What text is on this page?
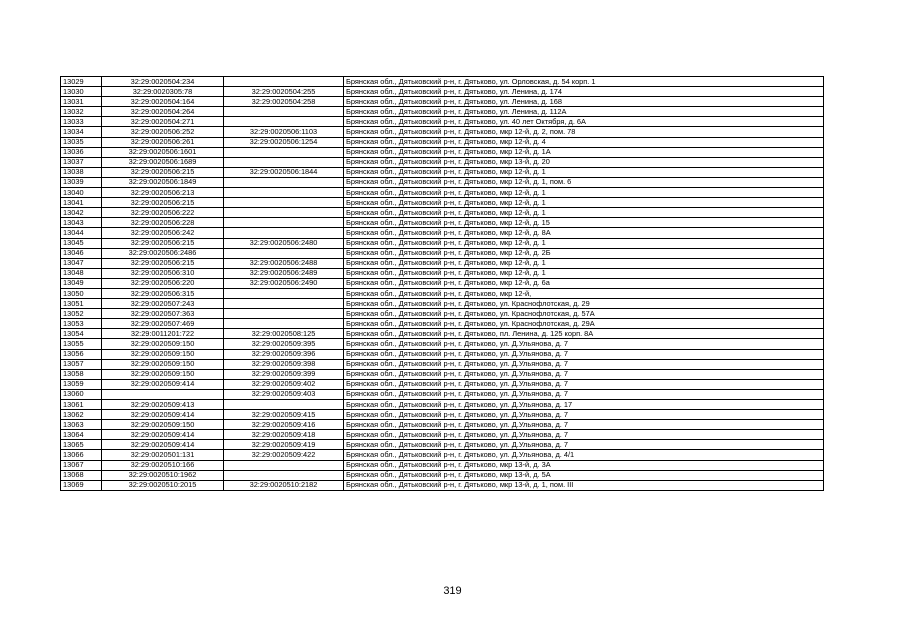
13029	32:29:0020504:234		Брянская обл., Дятьковский р-н, г. Дятьково, ул. Орловская, д. 54 корп. 1
13030	32:29:0020305:78	32:29:0020504:255	Брянская обл., Дятьковский р-н, г. Дятьково, ул. Ленина, д. 174
13031	32:29:0020504:164	32:29:0020504:258	Брянская обл., Дятьковский р-н, г. Дятьково, ул. Ленина, д. 168
13032	32:29:0020504:264		Брянская обл., Дятьковский р-н, г. Дятьково, ул. Ленина, д. 112А
13033	32:29:0020504:271		Брянская обл., Дятьковский р-н, г. Дятьково, ул. 40 лет Октября, д. 6А
13034	32:29:0020506:252	32:29:0020506:1103	Брянская обл., Дятьковский р-н, г. Дятьково, мкр 12-й, д. 2, пом. 78
13035	32:29:0020506:261	32:29:0020506:1254	Брянская обл., Дятьковский р-н, г. Дятьково, мкр 12-й, д. 4
13036	32:29:0020506:1601		Брянская обл., Дятьковский р-н, г. Дятьково, мкр 12-й, д. 1А
13037	32:29:0020506:1689		Брянская обл., Дятьковский р-н, г. Дятьково, мкр 13-й, д. 20
13038	32:29:0020506:215	32:29:0020506:1844	Брянская обл., Дятьковский р-н, г. Дятьково, мкр 12-й, д. 1
13039	32:29:0020506:1849		Брянская обл., Дятьковский р-н, г. Дятьково, мкр 12-й, д. 1, пом. 6
13040	32:29:0020506:213		Брянская обл., Дятьковский р-н, г. Дятьково, мкр 12-й, д. 1
13041	32:29:0020506:215		Брянская обл., Дятьковский р-н, г. Дятьково, мкр 12-й, д. 1
13042	32:29:0020506:222		Брянская обл., Дятьковский р-н, г. Дятьково, мкр 12-й, д. 1
13043	32:29:0020506:228		Брянская обл., Дятьковский р-н, г. Дятьково, мкр 12-й, д. 15
13044	32:29:0020506:242		Брянская обл., Дятьковский р-н, г. Дятьково, мкр 12-й, д. 8А
13045	32:29:0020506:215	32:29:0020506:2480	Брянская обл., Дятьковский р-н, г. Дятьково, мкр 12-й, д. 1
13046	32:29:0020506:2486		Брянская обл., Дятьковский р-н, г. Дятьково, мкр 12-й, д. 2Б
13047	32:29:0020506:215	32:29:0020506:2488	Брянская обл., Дятьковский р-н, г. Дятьково, мкр 12-й, д. 1
13048	32:29:0020506:310	32:29:0020506:2489	Брянская обл., Дятьковский р-н, г. Дятьково, мкр 12-й, д. 1
13049	32:29:0020506:220	32:29:0020506:2490	Брянская обл., Дятьковский р-н, г. Дятьково, мкр 12-й, д. 6а
13050	32:29:0020506:315		Брянская обл., Дятьковский р-н, г. Дятьково, мкр 12-й,
13051	32:29:0020507:243		Брянская обл., Дятьковский р-н, г. Дятьково, ул. Краснофлотская, д. 29
13052	32:29:0020507:363		Брянская обл., Дятьковский р-н, г. Дятьково, ул. Краснофлотская, д. 57А
13053	32:29:0020507:469		Брянская обл., Дятьковский р-н, г. Дятьково, ул. Краснофлотская, д. 29А
13054	32:29:0011201:722	32:29:0020508:125	Брянская обл., Дятьковский р-н, г. Дятьково, пл. Ленина, д. 125 корп. 8А
13055	32:29:0020509:150	32:29:0020509:395	Брянская обл., Дятьковский р-н, г. Дятьково, ул. Д.Ульянова, д. 7
13056	32:29:0020509:150	32:29:0020509:396	Брянская обл., Дятьковский р-н, г. Дятьково, ул. Д.Ульянова, д. 7
13057	32:29:0020509:150	32:29:0020509:398	Брянская обл., Дятьковский р-н, г. Дятьково, ул. Д.Ульянова, д. 7
13058	32:29:0020509:150	32:29:0020509:399	Брянская обл., Дятьковский р-н, г. Дятьково, ул. Д.Ульянова, д. 7
13059	32:29:0020509:414	32:29:0020509:402	Брянская обл., Дятьковский р-н, г. Дятьково, ул. Д.Ульянова, д. 7
13060		32:29:0020509:403	Брянская обл., Дятьковский р-н, г. Дятьково, ул. Д.Ульянова, д. 7
13061	32:29:0020509:413		Брянская обл., Дятьковский р-н, г. Дятьково, ул. Д.Ульянова, д. 17
13062	32:29:0020509:414	32:29:0020509:415	Брянская обл., Дятьковский р-н, г. Дятьково, ул. Д.Ульянова, д. 7
13063	32:29:0020509:150	32:29:0020509:416	Брянская обл., Дятьковский р-н, г. Дятьково, ул. Д.Ульянова, д. 7
13064	32:29:0020509:414	32:29:0020509:418	Брянская обл., Дятьковский р-н, г. Дятьково, ул. Д.Ульянова, д. 7
13065	32:29:0020509:414	32:29:0020509:419	Брянская обл., Дятьковский р-н, г. Дятьково, ул. Д.Ульянова, д. 7
13066	32:29:0020501:131	32:29:0020509:422	Брянская обл., Дятьковский р-н, г. Дятьково, ул. Д.Ульянова, д. 4/1
13067	32:29:0020510:166		Брянская обл., Дятьковский р-н, г. Дятьково, мкр 13-й, д. 3А
13068	32:29:0020510:1962		Брянская обл., Дятьковский р-н, г. Дятьково, мкр 13-й, д. 5А
13069	32:29:0020510:2015	32:29:0020510:2182	Брянская обл., Дятьковский р-н, г. Дятьково, мкр 13-й, д. 1, пом. III
319
